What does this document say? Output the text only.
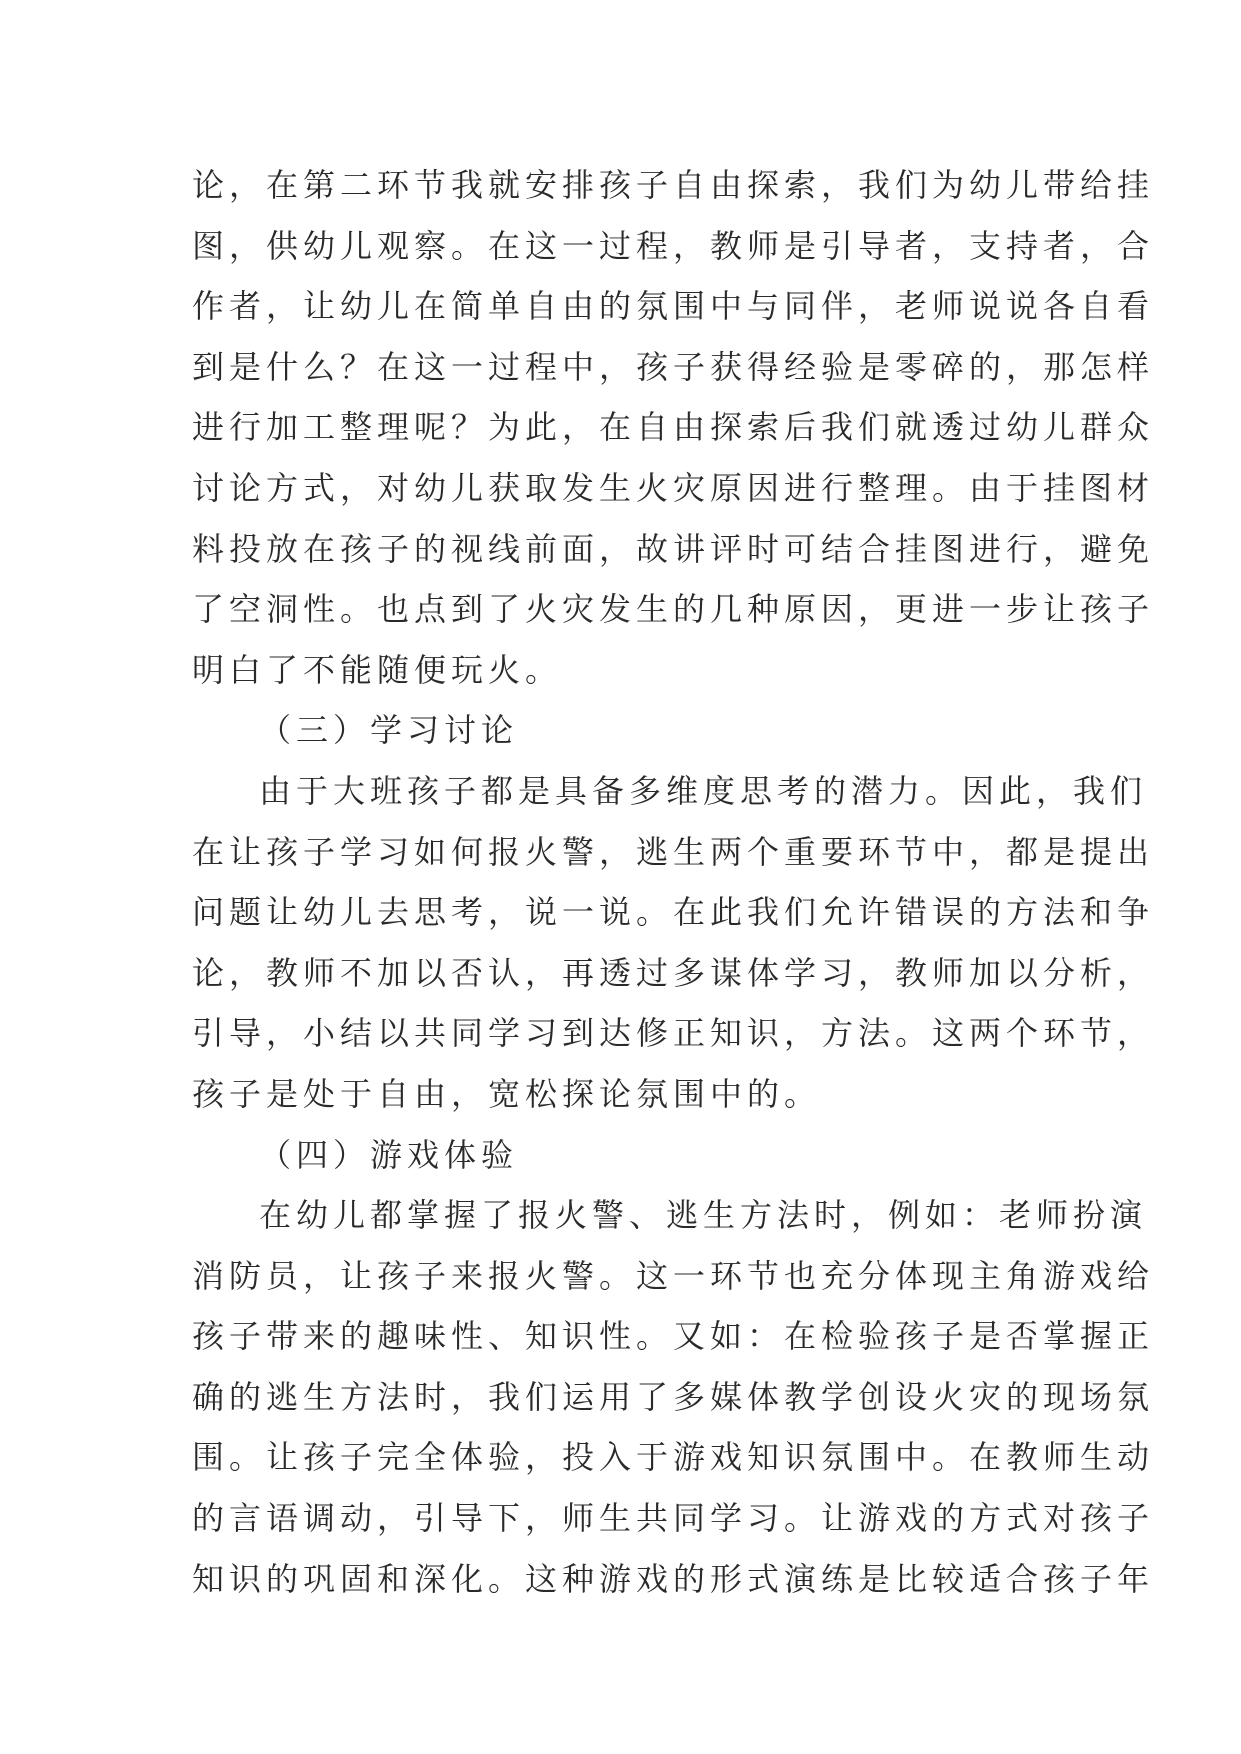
论，在第二环节我就安排孩子自由探索，我们为幼儿带给挂
图，供幼儿观察。在这一过程，教师是引导者，支持者，合
作者，让幼儿在简单自由的氛围中与同伴，老师说说各自看
到是什么？在这一过程中，孩子获得经验是零碎的，那怎样
进行加工整理呢？为此，在自由探索后我们就透过幼儿群众
讨论方式，对幼儿获取发生火灾原因进行整理。由于挂图材
料投放在孩子的视线前面，故讲评时可结合挂图进行，避免
了空洞性。也点到了火灾发生的几种原因，更进一步让孩子
明白了不能随便玩火。
（三）学习讨论
由于大班孩子都是具备多维度思考的潜力。因此，我们
在让孩子学习如何报火警，逃生两个重要环节中，都是提出
问题让幼儿去思考，说一说。在此我们允许错误的方法和争
论，教师不加以否认，再透过多谋体学习，教师加以分析，
引导，小结以共同学习到达修正知识，方法。这两个环节，
孩子是处于自由，宽松探论氛围中的。
（四）游戏体验
在幼儿都掌握了报火警、逃生方法时，例如：老师扮演
消防员，让孩子来报火警。这一环节也充分体现主角游戏给
孩子带来的趣味性、知识性。又如：在检验孩子是否掌握正
确的逃生方法时，我们运用了多媒体教学创设火灾的现场氛
围。让孩子完全体验，投入于游戏知识氛围中。在教师生动
的言语调动，引导下，师生共同学习。让游戏的方式对孩子
知识的巩固和深化。这种游戏的形式演练是比较适合孩子年
